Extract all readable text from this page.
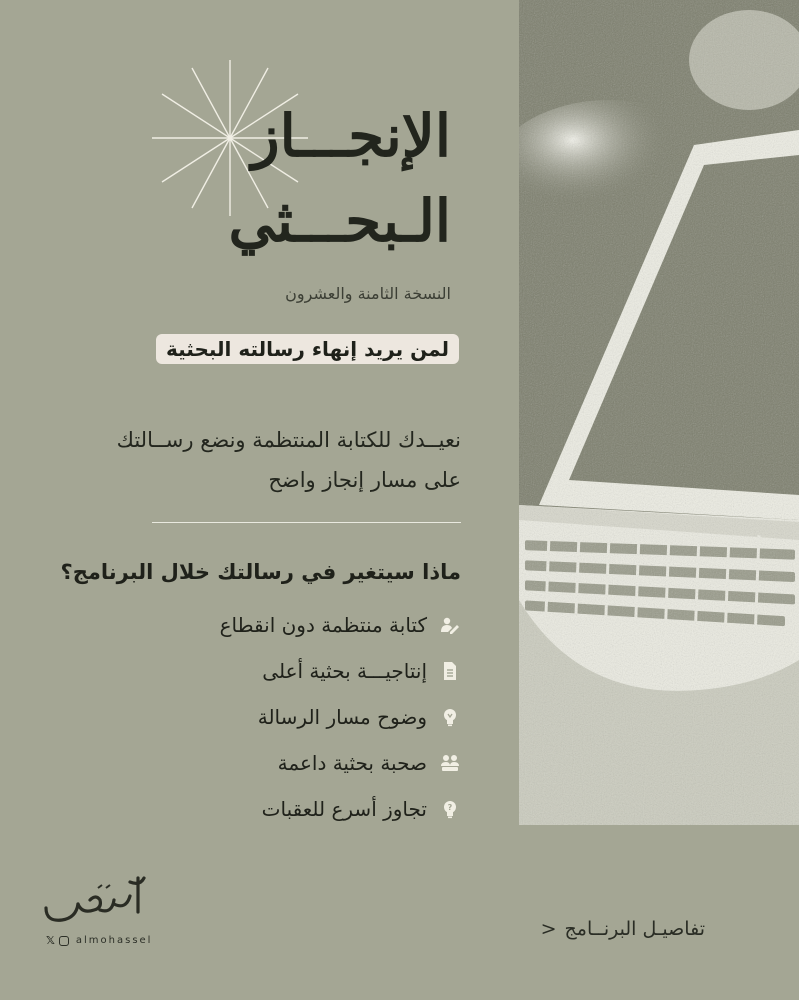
الإنجـــاز
الـبحـــثي
النسخة الثامنة والعشرون
لمن يريد إنهاء رسالته البحثية
نعيــدك للكتابة المنتظمة ونضع رســالتك
على مسار إنجاز واضح
ماذا سيتغير في رسالتك خلال البرنامج؟
كتابة منتظمة دون انقطاع
إنتاجيـــة بحثية أعلى
وضوح مسار الرسالة
صحبة بحثية داعمة
?
تجاوز أسرع للعقبات
𝕏 almohassel
تفاصيـل البرنــامج
<
